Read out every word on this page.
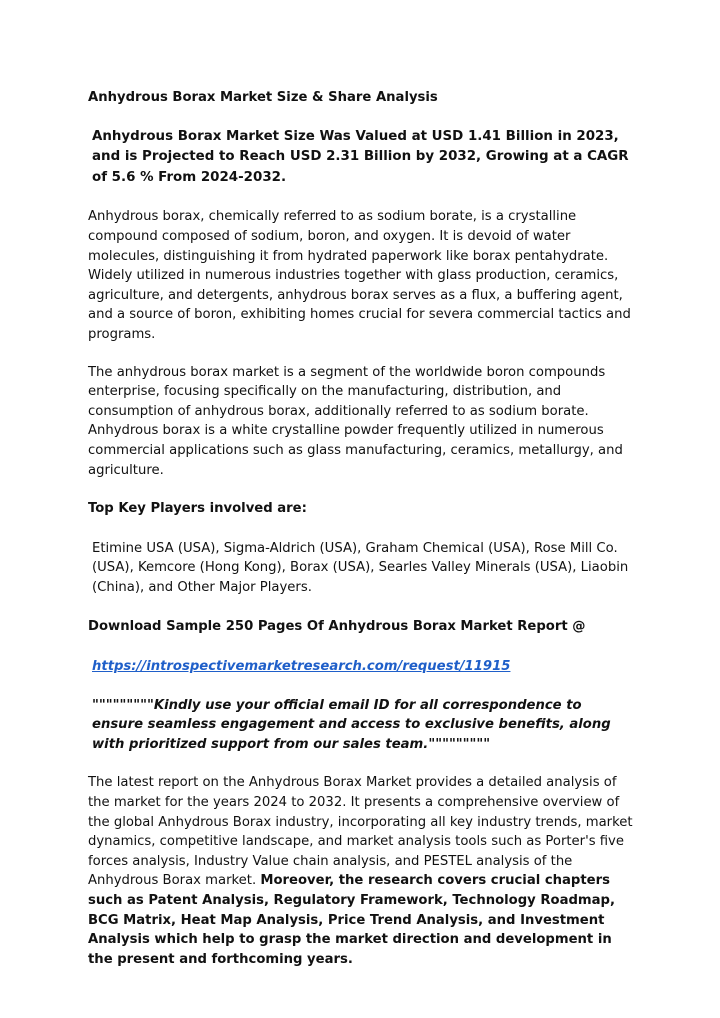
Anhydrous Borax Market Size & Share Analysis

Anhydrous Borax Market Size Was Valued at USD 1.41 Billion in 2023, and is Projected to Reach USD 2.31 Billion by 2032, Growing at a CAGR of 5.6 % From 2024-2032.

Anhydrous borax, chemically referred to as sodium borate, is a crystalline compound composed of sodium, boron, and oxygen. It is devoid of water molecules, distinguishing it from hydrated paperwork like borax pentahydrate. Widely utilized in numerous industries together with glass production, ceramics, agriculture, and detergents, anhydrous borax serves as a flux, a buffering agent, and a source of boron, exhibiting homes crucial for severa commercial tactics and programs.

The anhydrous borax market is a segment of the worldwide boron compounds enterprise, focusing specifically on the manufacturing, distribution, and consumption of anhydrous borax, additionally referred to as sodium borate. Anhydrous borax is a white crystalline powder frequently utilized in numerous commercial applications such as glass manufacturing, ceramics, metallurgy, and agriculture.

Top Key Players involved are:

Etimine USA (USA), Sigma-Aldrich (USA), Graham Chemical (USA), Rose Mill Co. (USA), Kemcore (Hong Kong), Borax (USA), Searles Valley Minerals (USA), Liaobin (China), and Other Major Players.

Download Sample 250 Pages Of Anhydrous Borax Market Report @

https://introspectivemarketresearch.com/request/11915

"""""""""Kindly use your official email ID for all correspondence to ensure seamless engagement and access to exclusive benefits, along with prioritized support from our sales team."""""""""

The latest report on the Anhydrous Borax Market provides a detailed analysis of the market for the years 2024 to 2032. It presents a comprehensive overview of the global Anhydrous Borax industry, incorporating all key industry trends, market dynamics, competitive landscape, and market analysis tools such as Porter's five forces analysis, Industry Value chain analysis, and PESTEL analysis of the Anhydrous Borax market. Moreover, the research covers crucial chapters such as Patent Analysis, Regulatory Framework, Technology Roadmap, BCG Matrix, Heat Map Analysis, Price Trend Analysis, and Investment Analysis which help to grasp the market direction and development in the present and forthcoming years.
